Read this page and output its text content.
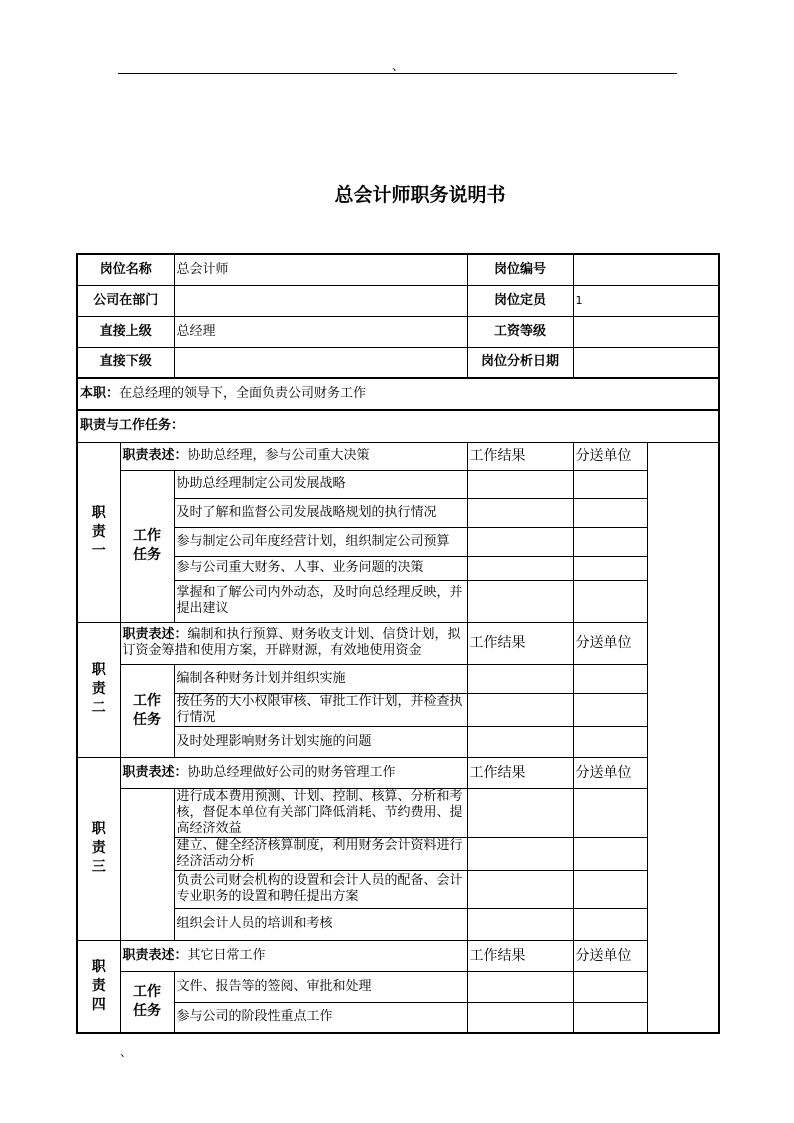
、
总会计师职务说明书
岗位名称		总会计师	岗位编号	
公司在部门			岗位定员	1
直接上级		总经理	工资等级	
直接下级			岗位分析日期	
本职：在总经理的领导下，全面负责公司财务工作				
职责与工作任务：				
职责一	职责表述：协助总经理，参与公司重大决策		工作结果	分送单位
	工作任务	协助总经理制定公司发展战略		
		及时了解和监督公司发展战略规划的执行情况		
		参与制定公司年度经营计划，组织制定公司预算		
		参与公司重大财务、人事、业务问题的决策		
		掌握和了解公司内外动态，及时向总经理反映，并提出建议		
职责二	职责表述：编制和执行预算、财务收支计划、信贷计划，拟订资金筹措和使用方案，开辟财源，有效地使用资金		工作结果	分送单位
	工作任务	编制各种财务计划并组织实施		
		按任务的大小权限审核、审批工作计划，并检查执行情况		
		及时处理影响财务计划实施的问题		
职责三	职责表述：协助总经理做好公司的财务管理工作		工作结果	分送单位
		进行成本费用预测、计划、控制、核算、分析和考核，督促本单位有关部门降低消耗、节约费用、提高经济效益		
		建立、健全经济核算制度，利用财务会计资料进行经济活动分析		
		负责公司财会机构的设置和会计人员的配备、会计专业职务的设置和聘任提出方案		
		组织会计人员的培训和考核		
职责四	职责表述：其它日常工作		工作结果	分送单位
	工作任务	文件、报告等的签阅、审批和处理		
		参与公司的阶段性重点工作		
、
